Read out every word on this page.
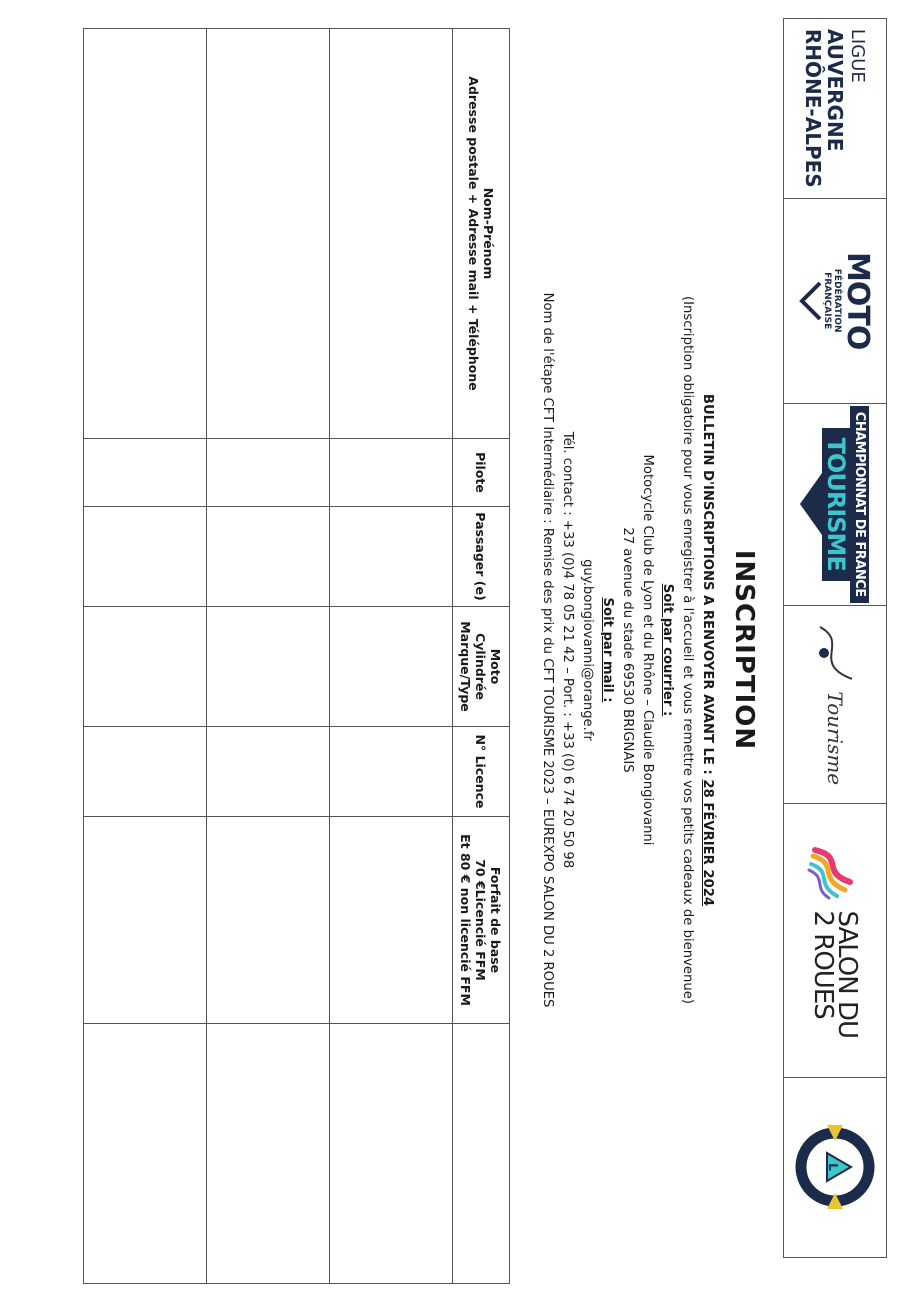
LIGUE
AUVERGNE
RHÔNE-ALPES
MOTO
FÉDÉRATION
FRANÇAISE
CHAMPIONNAT DE FRANCE
TOURISME
Tourisme
SALON DU
2 ROUES
L
INSCRIPTION
BULLETIN D'INSCRIPTIONS A RENVOYER AVANT LE : 28 FÉVRIER 2024
(Inscription obligatoire pour vous enregistrer à l'accueil et vous remettre vos petits cadeaux de bienvenue)
Soit par courrier :
Motocycle Club de Lyon et du Rhône – Claudie Bongiovanni
27 avenue du stade 69530 BRIGNAIS
Soit par mail :
guy.bongiovanni@orange.fr
Tél. contact : +33 (0)4 78 05 21 42 – Port. : +33 (0) 6 74 20 50 98
Nom de l'étape CFT Intermédiaire : Remise des prix du CFT TOURISME 2023 – EUREXPO SALON DU 2 ROUES
Nom-Prénom
Adresse postale + Adresse mail + Téléphone	Pilote	Passager (e)	Moto
Cylindrée
Marque/Type	N° Licence	Forfait de base
70 €Licencié FFM
Et 80 € non licencié FFM	
